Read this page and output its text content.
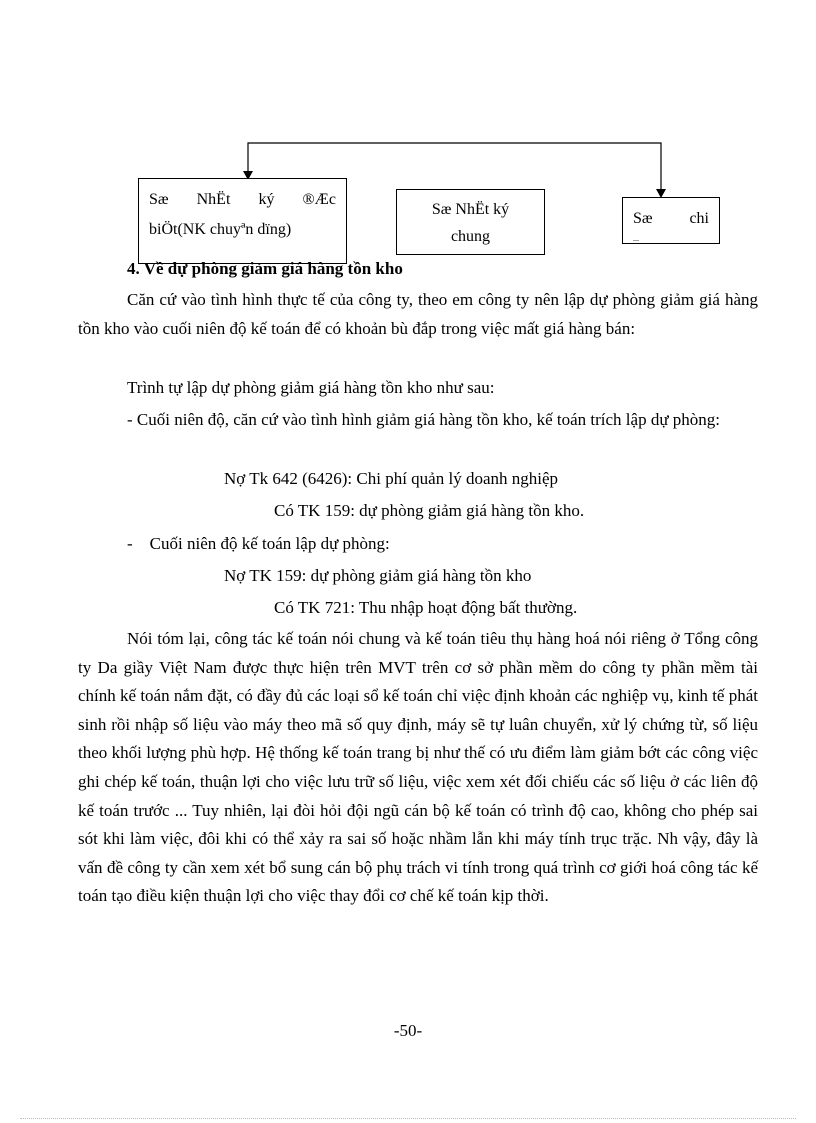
Sæ NhËt ký ®Æc
biÖt(NK chuyªn dïng)
Sæ NhËt ký
chung
Sæ chi
...
4. Về dự phòng giảm giá hàng tồn kho

Căn cứ vào tình hình thực tế của công ty, theo em công ty nên lập dự phòng giảm giá hàng tồn kho vào cuối niên độ kế toán để có khoản bù đắp trong việc mất giá hàng bán:

Trình tự lập dự phòng giảm giá hàng tồn kho như sau:

- Cuối niên độ, căn cứ vào tình hình giảm giá hàng tồn kho, kế toán trích lập dự phòng:

Nợ Tk 642 (6426): Chi phí quản lý doanh nghiệp

Có TK 159: dự phòng giảm giá hàng tồn kho.

-    Cuối niên độ kế toán lập dự phòng:

Nợ TK 159: dự phòng giảm giá hàng tồn kho

Có TK 721: Thu nhập hoạt động bất thường.

Nói tóm lại, công tác kế toán nói chung và kế toán tiêu thụ hàng hoá nói riêng ở Tổng công ty Da giầy Việt Nam được thực hiện trên MVT trên cơ sở phần mềm do công ty phần mềm tài chính kế toán nắm đặt, có đầy đủ các loại sổ kế toán chỉ việc định khoản các nghiệp vụ, kinh tế phát sinh rồi nhập số liệu vào máy theo mã số quy định, máy sẽ tự luân chuyển, xử lý chứng từ, số liệu theo khối lượng phù hợp. Hệ thống kế toán trang bị như thế có ưu điểm làm giảm bớt các công việc ghi chép kế toán, thuận lợi cho việc lưu trữ số liệu, việc xem xét đối chiếu các số liệu ở các liên độ kế toán trước ... Tuy nhiên, lại đòi hỏi đội ngũ cán bộ kế toán có trình độ cao, không cho phép sai sót khi làm việc, đôi khi có thể xảy ra sai số hoặc nhầm lẫn khi máy tính trục trặc. Nh vậy, đây là vấn đề công ty cần xem xét bổ sung cán bộ phụ trách vi tính trong quá trình cơ giới hoá công tác kế toán tạo điều kiện thuận lợi cho việc thay đổi cơ chế kế toán kịp thời.

-50-
